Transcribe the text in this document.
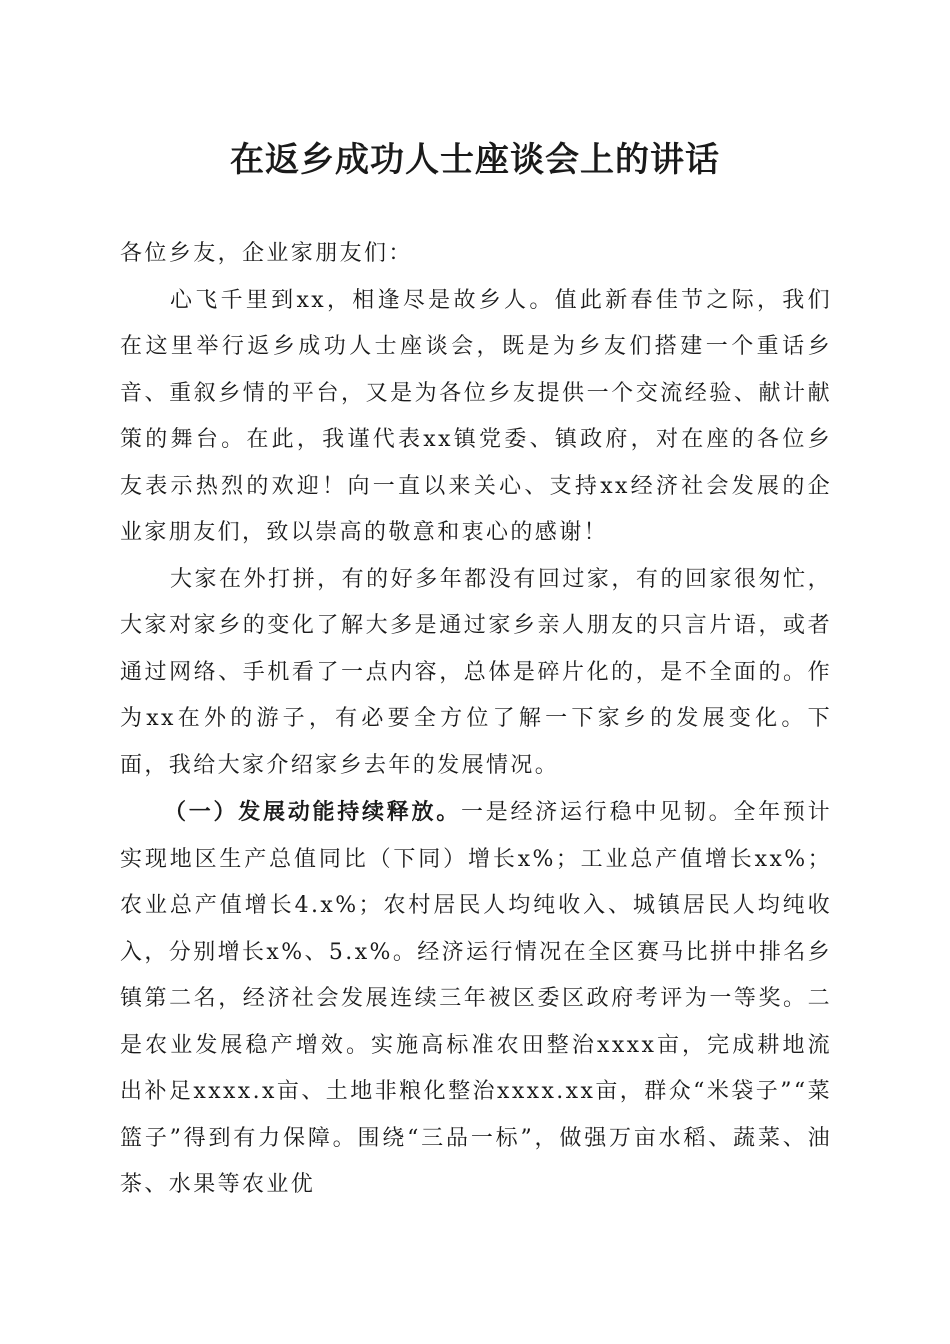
在返乡成功人士座谈会上的讲话

各位乡友，企业家朋友们：

心飞千里到xx，相逢尽是故乡人。值此新春佳节之际，我们在这里举行返乡成功人士座谈会，既是为乡友们搭建一个重话乡音、重叙乡情的平台，又是为各位乡友提供一个交流经验、献计献策的舞台。在此，我谨代表xx镇党委、镇政府，对在座的各位乡友表示热烈的欢迎！向一直以来关心、支持xx经济社会发展的企业家朋友们，致以崇高的敬意和衷心的感谢！

大家在外打拼，有的好多年都没有回过家，有的回家很匆忙，大家对家乡的变化了解大多是通过家乡亲人朋友的只言片语，或者通过网络、手机看了一点内容，总体是碎片化的，是不全面的。作为xx在外的游子，有必要全方位了解一下家乡的发展变化。下面，我给大家介绍家乡去年的发展情况。

（一）发展动能持续释放。一是经济运行稳中见韧。全年预计实现地区生产总值同比（下同）增长x%；工业总产值增长xx%；农业总产值增长4.x%；农村居民人均纯收入、城镇居民人均纯收入，分别增长x%、5.x%。经济运行情况在全区赛马比拼中排名乡镇第二名，经济社会发展连续三年被区委区政府考评为一等奖。二是农业发展稳产增效。实施高标准农田整治xxxx亩，完成耕地流出补足xxxx.x亩、土地非粮化整治xxxx.xx亩，群众“米袋子”“菜篮子”得到有力保障。围绕“三品一标”，做强万亩水稻、蔬菜、油茶、水果等农业优
